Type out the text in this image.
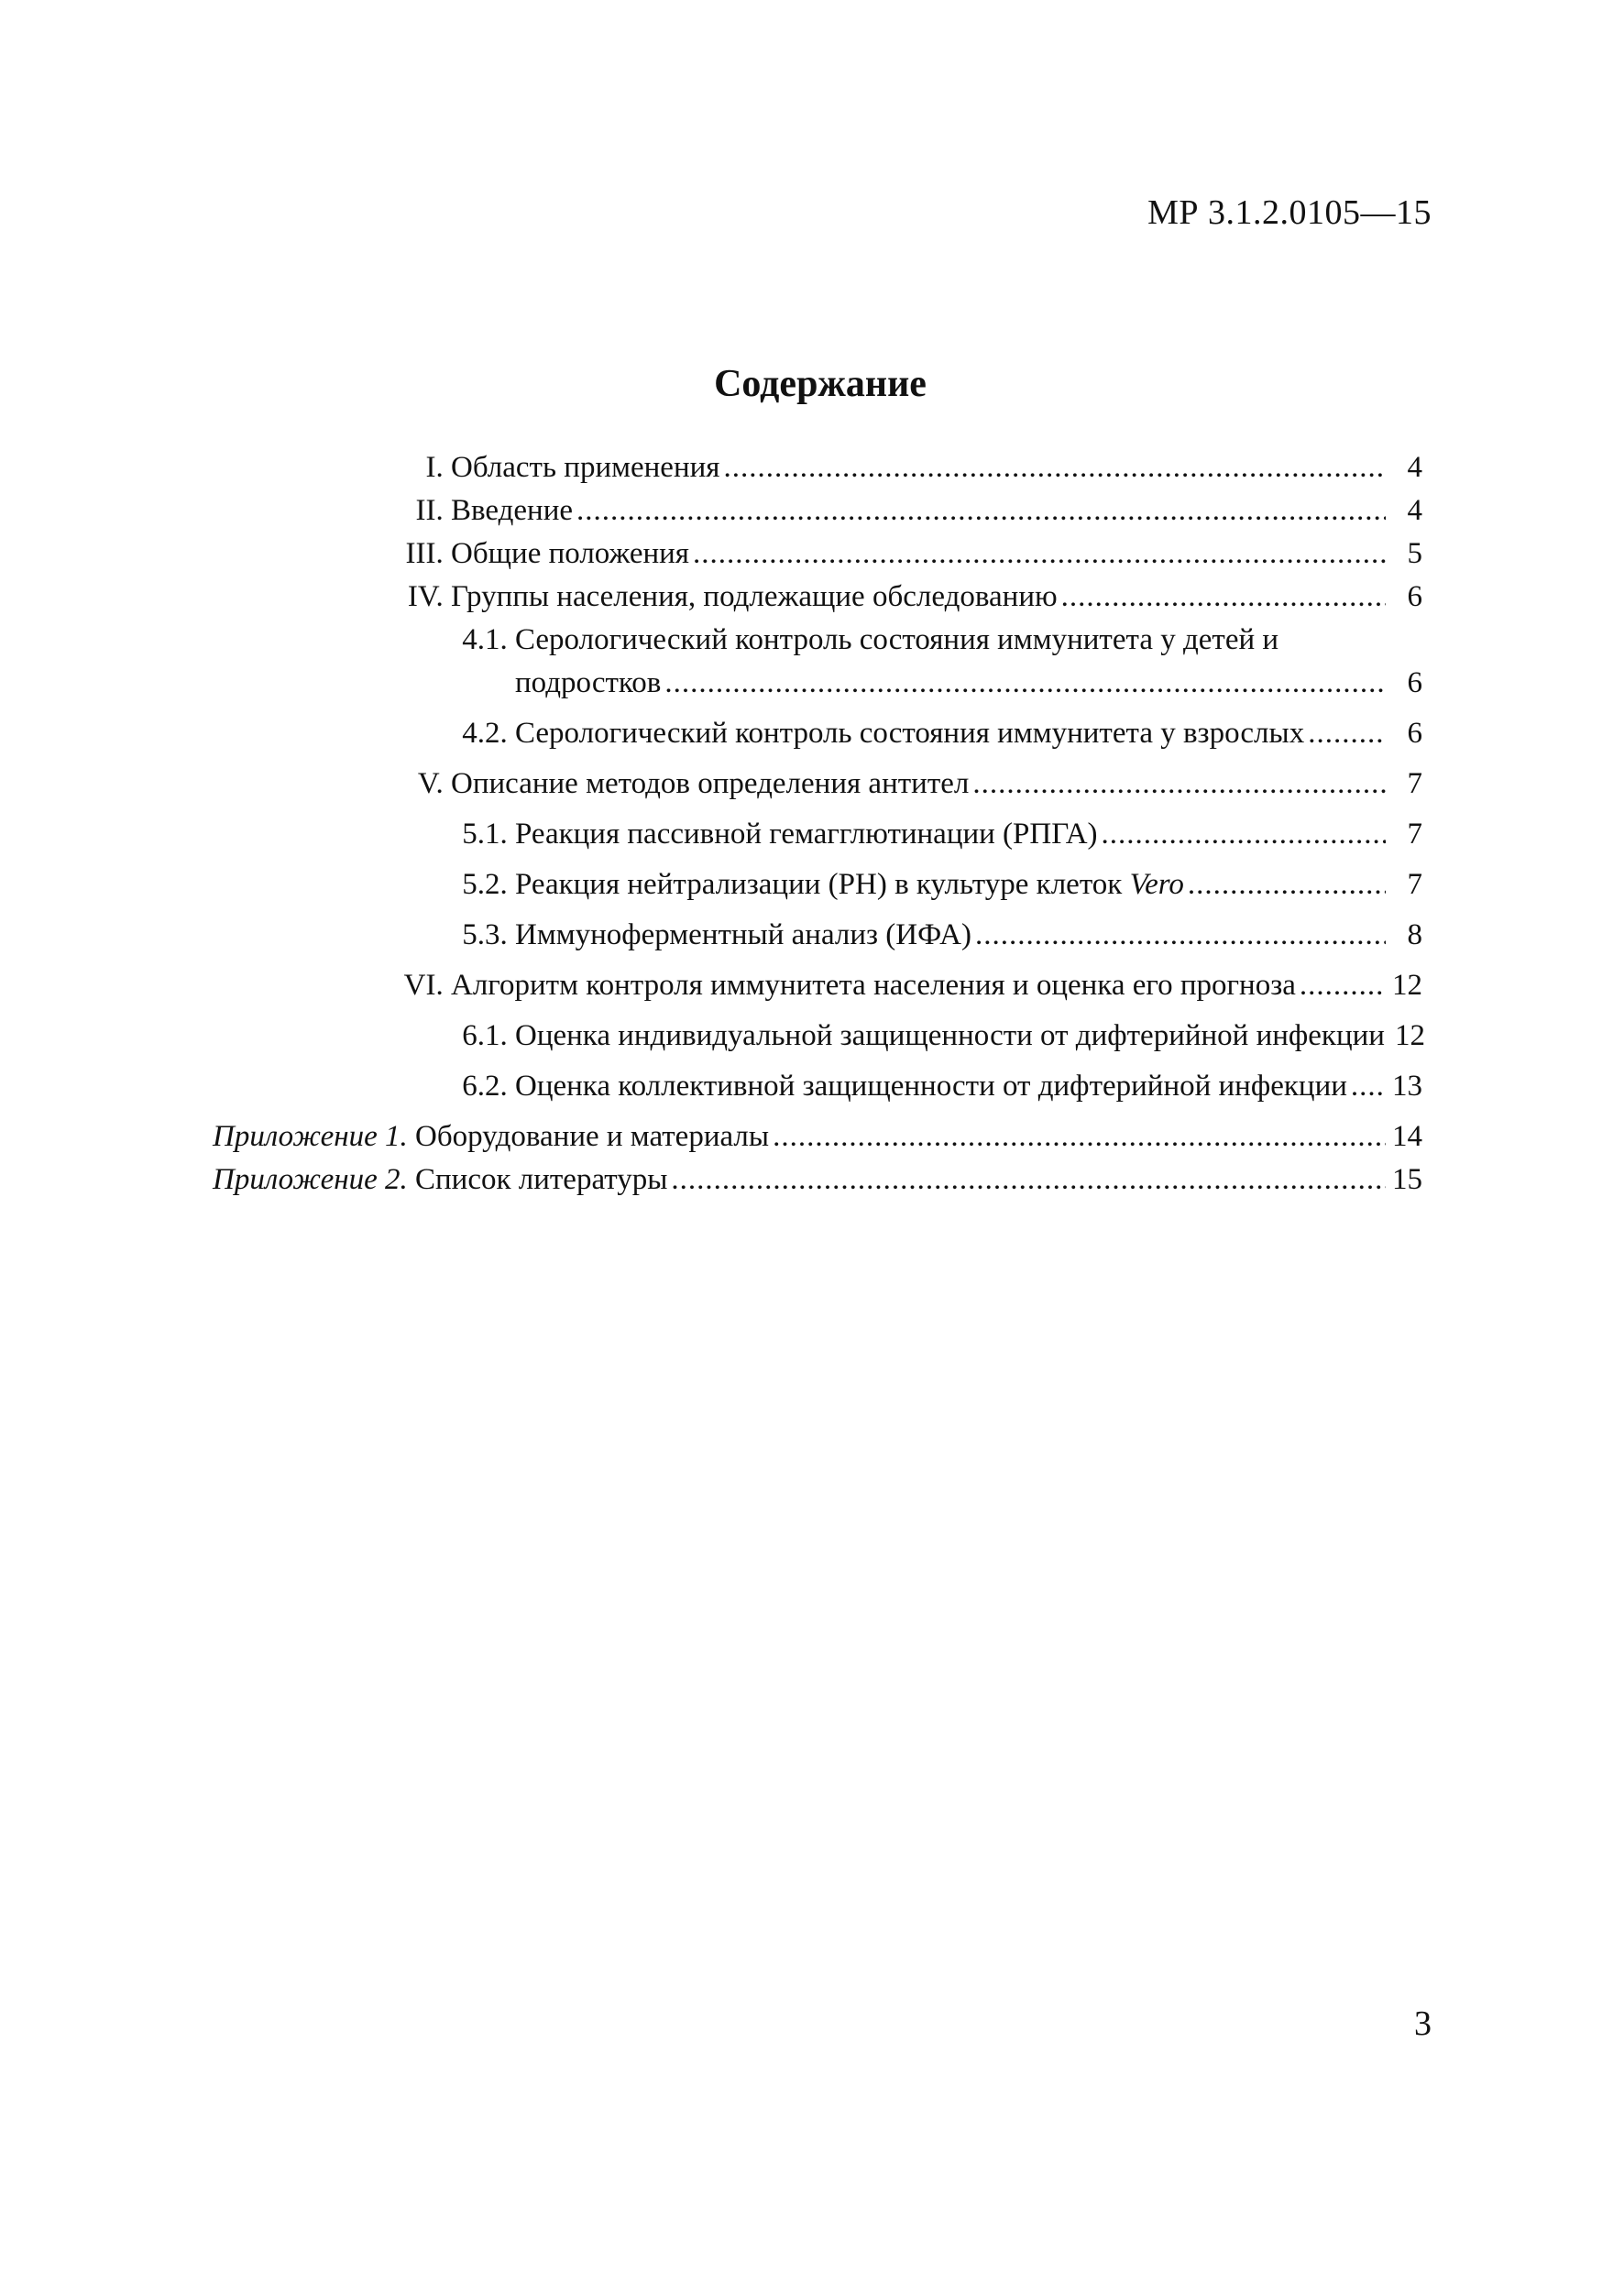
МР 3.1.2.0105—15
Содержание
I. Область применения .....	4
II. Введение .....	4
III. Общие положения .....	5
IV. Группы населения, подлежащие обследованию .....	6
4.1. Серологический контроль состояния иммунитета у детей и
подростков .....	6
4.2. Серологический контроль состояния иммунитета у взрослых .....	6
V. Описание методов определения антител .....	7
5.1. Реакция пассивной гемагглютинации (РПГА) .....	7
5.2. Реакция нейтрализации (РН) в культуре клеток Vero .....	7
5.3. Иммуноферментный анализ (ИФА) .....	8
VI. Алгоритм контроля иммунитета населения и оценка его прогноза .....	12
6.1. Оценка индивидуальной защищенности от дифтерийной инфекции 12
6.2. Оценка коллективной защищенности от дифтерийной инфекции ..... 13
Приложение 1. Оборудование и материалы .....	14
Приложение 2. Список литературы .....	15
3
